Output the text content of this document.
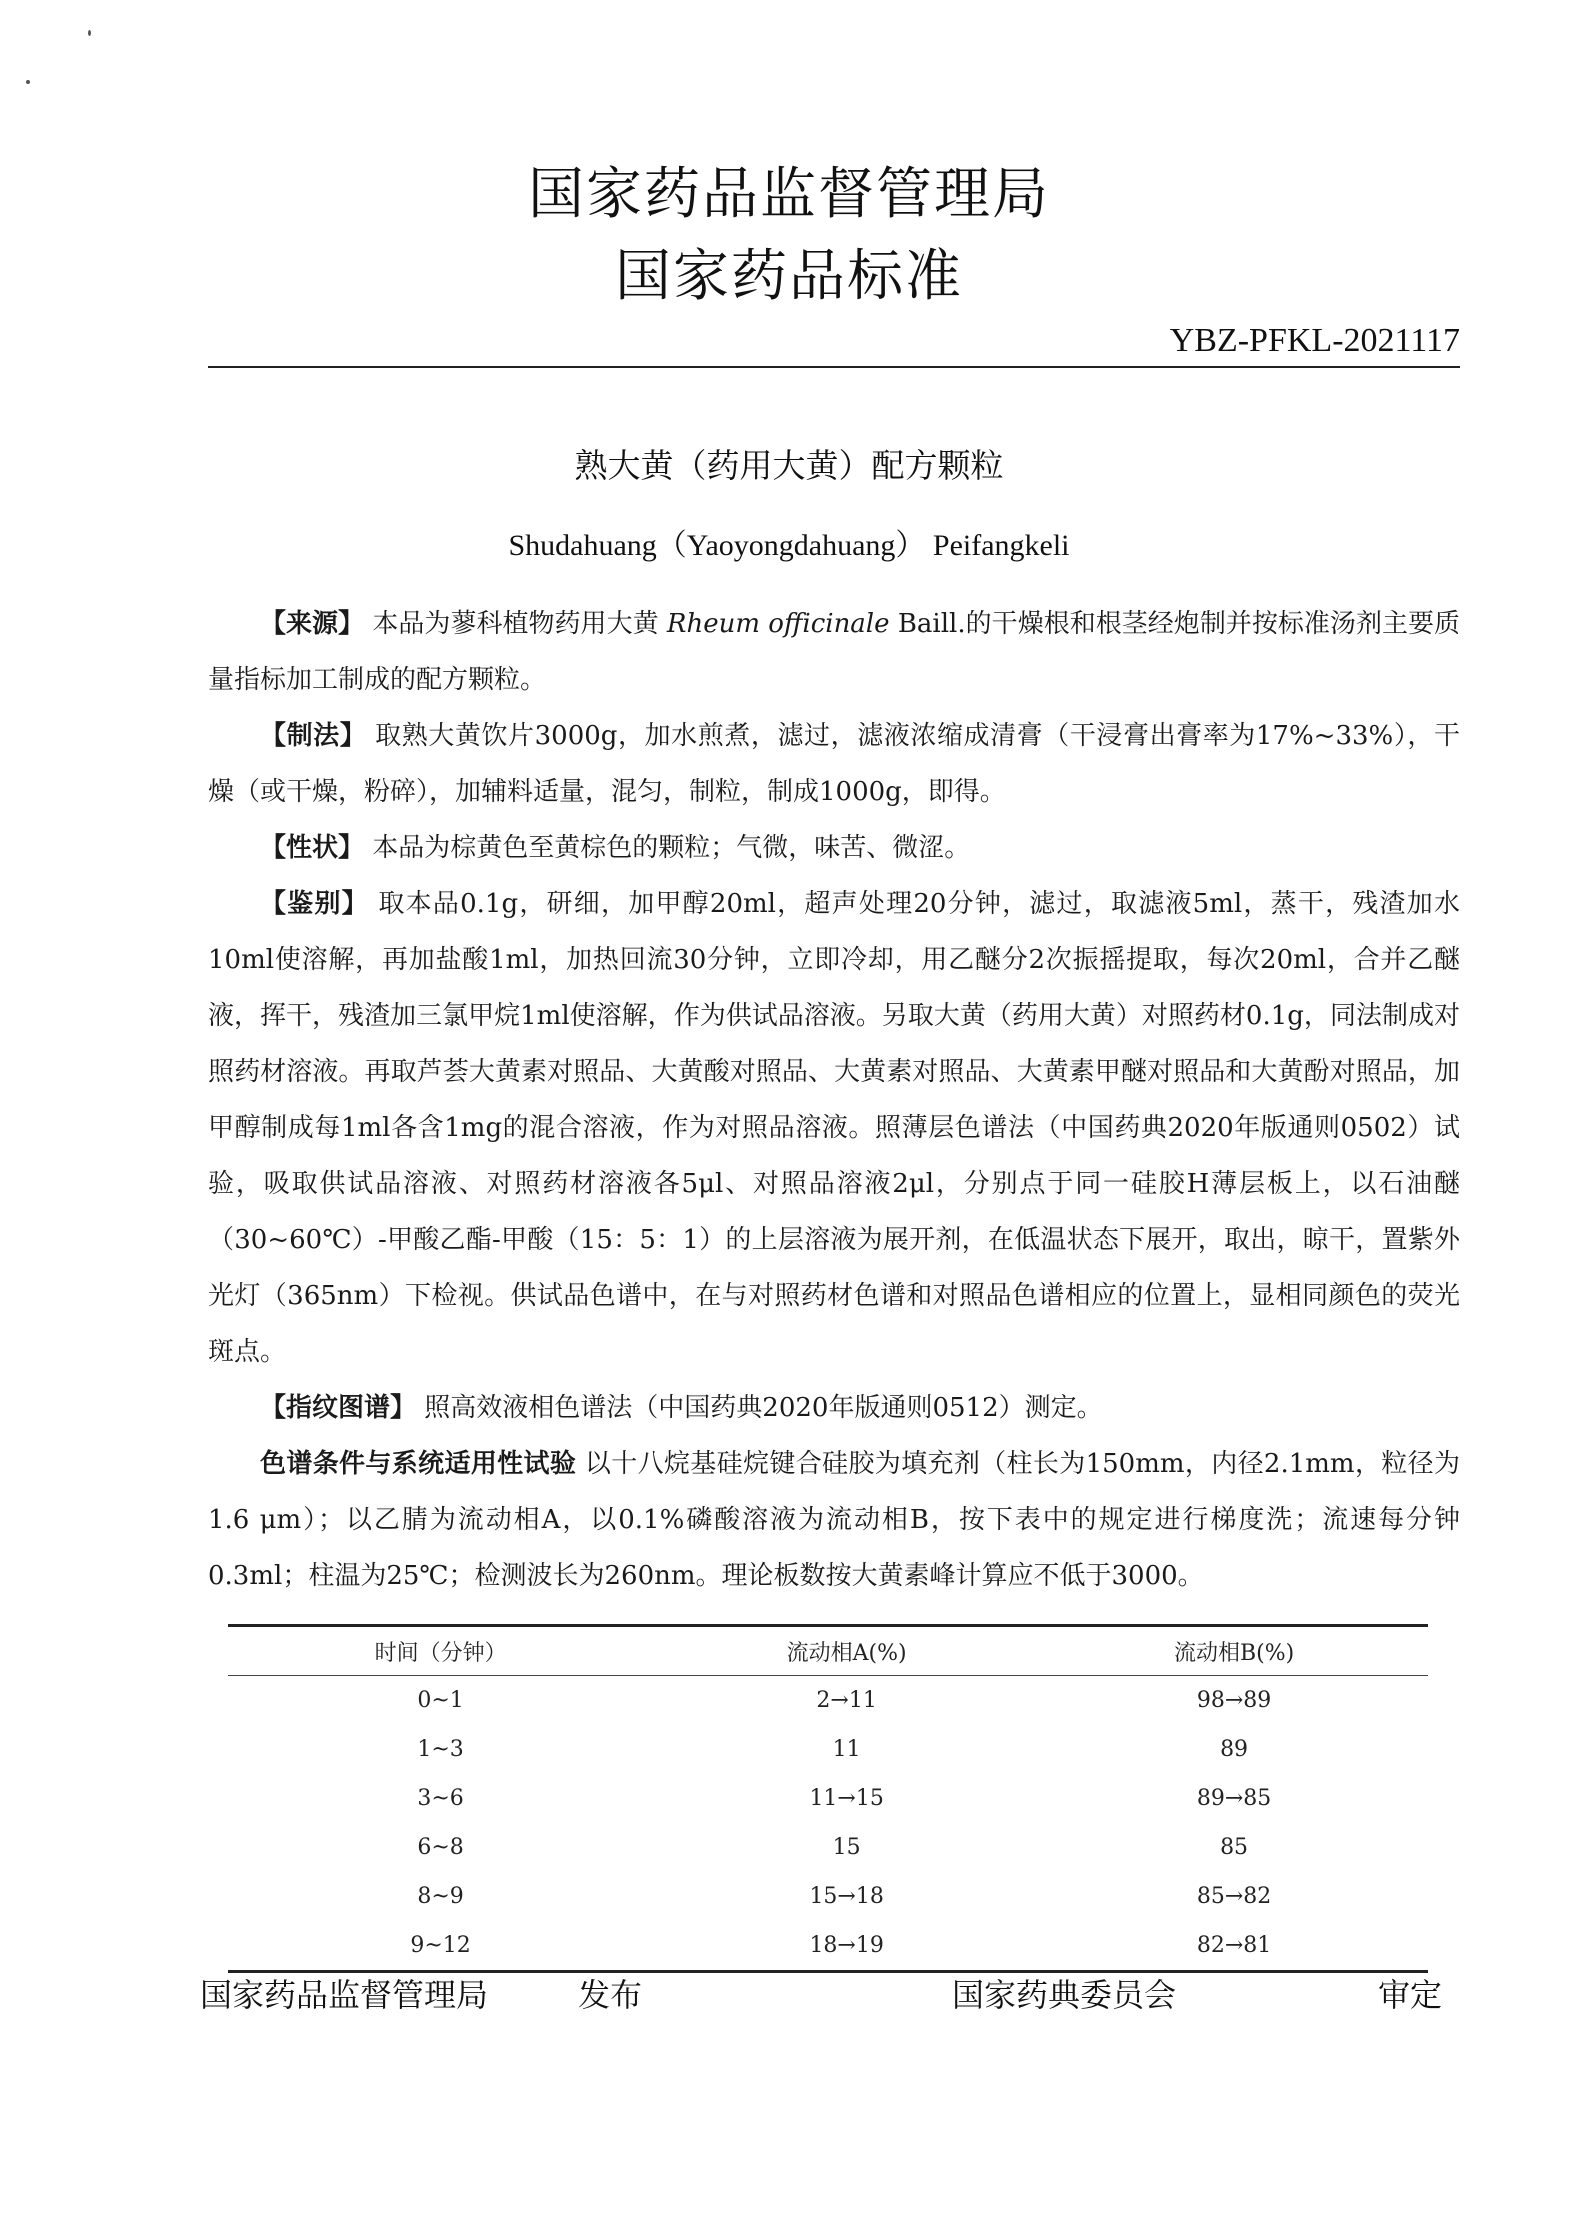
国家药品监督管理局
国家药品标准
YBZ-PFKL-2021117
熟大黄（药用大黄）配方颗粒
Shudahuang（Yaoyongdahuang） Peifangkeli

【来源】 本品为蓼科植物药用大黄 Rheum officinale Baill.的干燥根和根茎经炮制并按标准汤剂主要质量指标加工制成的配方颗粒。

【制法】 取熟大黄饮片3000g，加水煎煮，滤过，滤液浓缩成清膏（干浸膏出膏率为17%~33%），干燥（或干燥，粉碎），加辅料适量，混匀，制粒，制成1000g，即得。

【性状】 本品为棕黄色至黄棕色的颗粒；气微，味苦、微涩。

【鉴别】 取本品0.1g，研细，加甲醇20ml，超声处理20分钟，滤过，取滤液5ml，蒸干，残渣加水10ml使溶解，再加盐酸1ml，加热回流30分钟，立即冷却，用乙醚分2次振摇提取，每次20ml，合并乙醚液，挥干，残渣加三氯甲烷1ml使溶解，作为供试品溶液。另取大黄（药用大黄）对照药材0.1g，同法制成对照药材溶液。再取芦荟大黄素对照品、大黄酸对照品、大黄素对照品、大黄素甲醚对照品和大黄酚对照品，加甲醇制成每1ml各含1mg的混合溶液，作为对照品溶液。照薄层色谱法（中国药典2020年版通则0502）试验，吸取供试品溶液、对照药材溶液各5μl、对照品溶液2μl，分别点于同一硅胶H薄层板上，以石油醚（30~60℃）-甲酸乙酯-甲酸（15：5：1）的上层溶液为展开剂，在低温状态下展开，取出，晾干，置紫外光灯（365nm）下检视。供试品色谱中，在与对照药材色谱和对照品色谱相应的位置上，显相同颜色的荧光斑点。

【指纹图谱】 照高效液相色谱法（中国药典2020年版通则0512）测定。

色谱条件与系统适用性试验 以十八烷基硅烷键合硅胶为填充剂（柱长为150mm，内径2.1mm，粒径为1.6 μm）；以乙腈为流动相A，以0.1%磷酸溶液为流动相B，按下表中的规定进行梯度洗；流速每分钟0.3ml；柱温为25℃；检测波长为260nm。理论板数按大黄素峰计算应不低于3000。

时间（分钟）	流动相A(%)	流动相B(%)
0~1	2→11	98→89
1~3	11	89
3~6	11→15	89→85
6~8	15	85
8~9	15→18	85→82
9~12	18→19	82→81
国家药品监督管理局	发布	国家药典委员会	审定
